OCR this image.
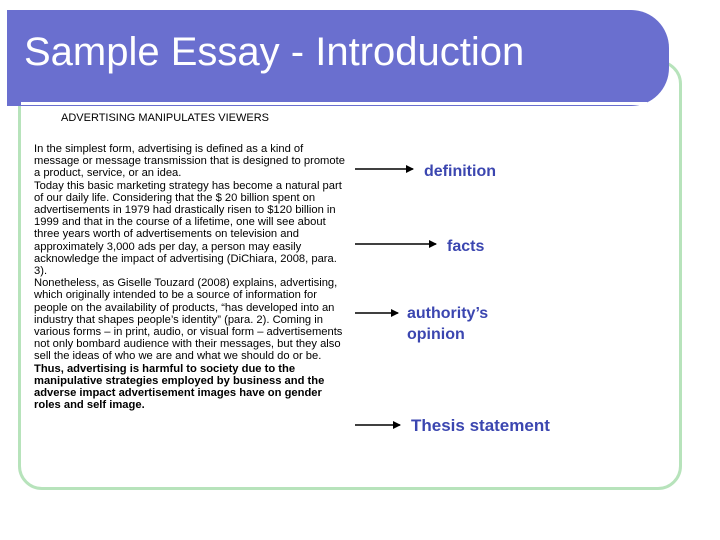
Sample Essay - Introduction

ADVERTISING MANIPULATES VIEWERS

In the simplest form, advertising is defined as a kind of message or message transmission that is designed to promote a product, service, or an idea.

Today this basic marketing strategy has become a natural part of our daily life. Considering that the $ 20 billion spent on advertisements in 1979 had drastically risen to $120 billion in 1999 and that in the course of a lifetime, one will see about three years worth of advertisements on television and approximately 3,000 ads per day, a person may easily acknowledge the impact of advertising (DiChiara, 2008, para. 3).

Nonetheless, as Giselle Touzard (2008) explains, advertising, which originally intended to be a source of information for people on the availability of products, “has developed into an industry that shapes people’s identity” (para. 2). Coming in various forms – in print, audio, or visual form – advertisements not only bombard audience with their messages, but they also sell the ideas of who we are and what we should do or be.

Thus, advertising is harmful to society due to the manipulative strategies employed by business and the adverse impact advertisement images have on gender roles and self image.

definition

facts

authority’s opinion

Thesis statement
